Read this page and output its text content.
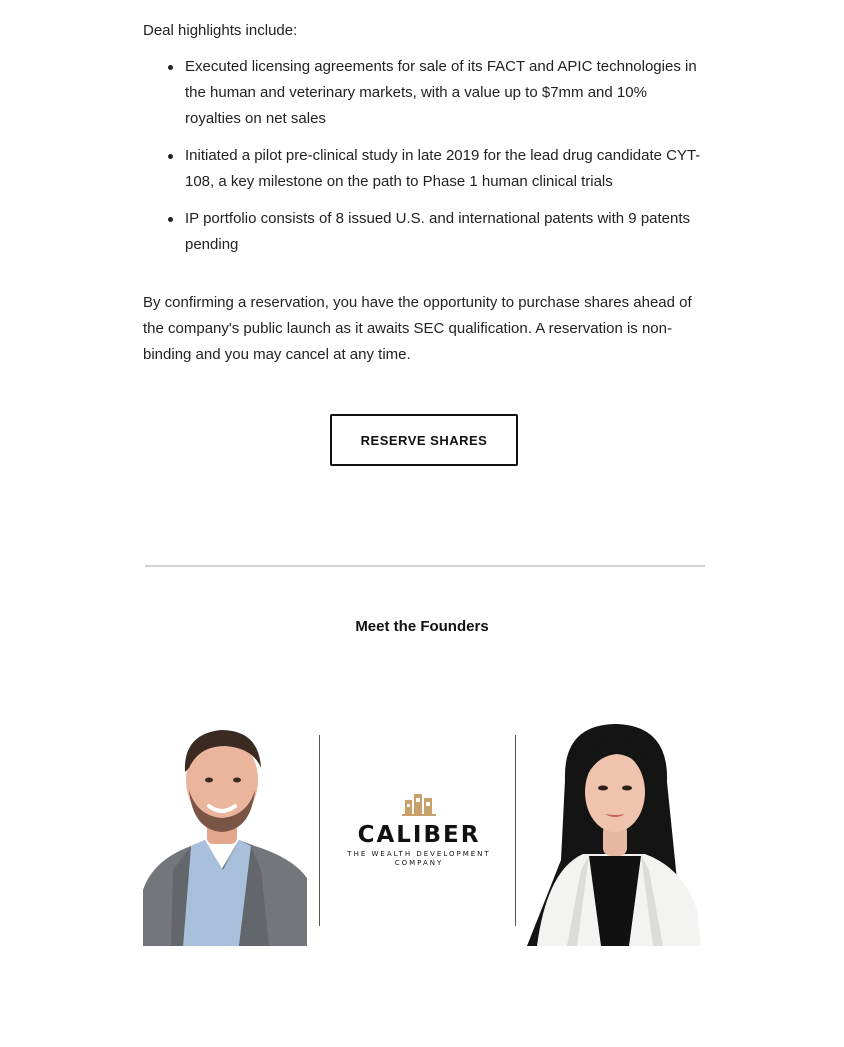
Deal highlights include:

Executed licensing agreements for sale of its FACT and APIC technologies in the human and veterinary markets, with a value up to $7mm and 10% royalties on net sales
Initiated a pilot pre-clinical study in late 2019 for the lead drug candidate CYT-108, a key milestone on the path to Phase 1 human clinical trials
IP portfolio consists of 8 issued U.S. and international patents with 9 patents pending

By confirming a reservation, you have the opportunity to purchase shares ahead of the company's public launch as it awaits SEC qualification. A reservation is non-binding and you may cancel at any time.

RESERVE SHARES
Meet the Founders
CALIBER
THE WEALTH DEVELOPMENT
COMPANY
